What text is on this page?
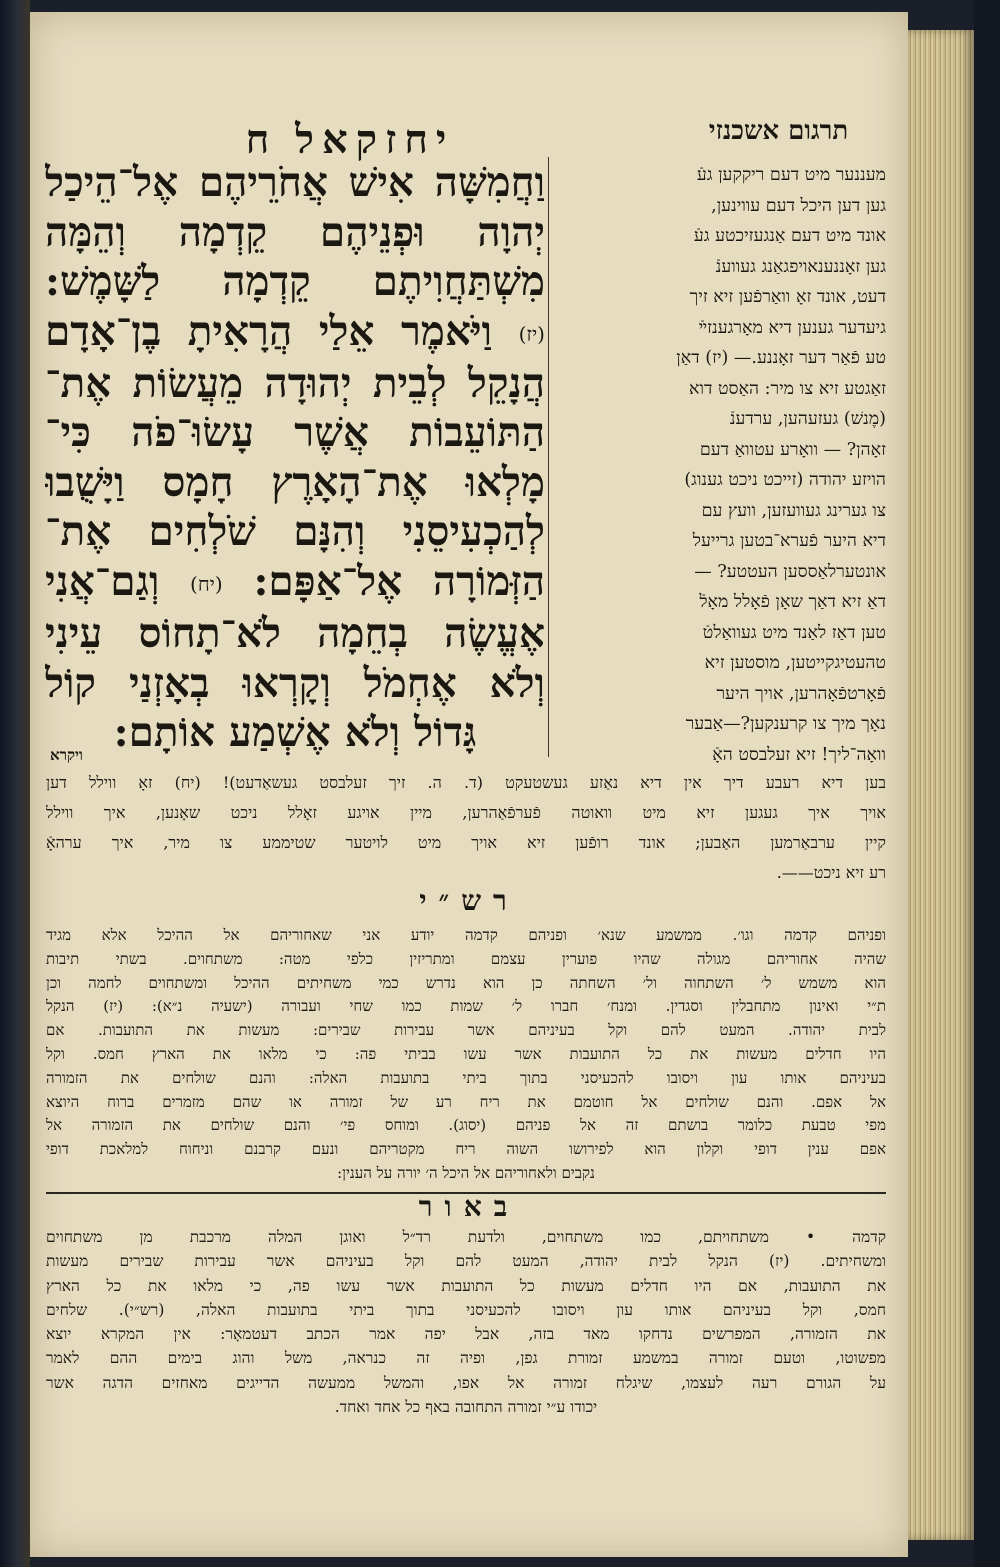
תרגום אשכנזי
יחזקאלח
מעננער מיט דעם ריקקען געֿ
גען דען היכל דעם עווינען,
אונד מיט דעם אַנגעזיכטע געֿ
גען זאָננענאויפגאַנג געווענֿ
דעט, אונד זאָ וואַרפֿען זיא זיך
גיעדער גענען דיא מאָרגענזײֿ
טע פֿאַר דער זאָננע.— (יז) דאַן
זאַגטע זיא צו מיר: האַסט דוא
(מֶנשׁ) געזעהען, ערדענֿ
זאָהן? — וואָרע עטוואַ דעם
הויזע יהודה (זייכט ניכט גענוג)
צו גערינג געוועזען, וועץ עם
דיא היער פֿערא־בטען גרייעל
אונטערלאַססען העטטע? —
דאַ זיא דאַך שאָן פֿאָלל מאָלֿ
טען דאַז לאַנד מיט געוואַלטֿ
טהעטיגקייטען, מוסטען זיא
פֿאָרטפֿאָהרען, אויך היער
נאָך מיך צו קרענקען?—אַבער
וואָה־ליך! זיא זעלבסט האָֿ
וַחֲמִשָּׁה אִישׁ אֲחֹרֵיהֶם אֶל־הֵיכַל
יְהוָה וּפְנֵיהֶם קֵדְמָה וְהֵמָּה
מִשְׁתַּחֲוִיתֶם קֵדְמָה לַשָּׁמֶשׁ:
(יז) וַיֹּאמֶר אֵלַי הֲרָאִיתָ בֶן־אָדָם
הֲנָקֵל לְבֵית יְהוּדָה מֵעֲשׂוֹת אֶת־
הַתּוֹעֵבוֹת אֲשֶׁר עָשׂוּ־פֹה כִּי־
מָלְאוּ אֶת־הָאָרֶץ חָמָס וַיָּשֻׁבוּ
לְהַכְעִיסֵנִי וְהִנָּם שֹׁלְחִים אֶת־
הַזְּמוֹרָה אֶל־אַפָּם: (יח) וְגַם־אֲנִי
אֶעֱשֶׂה בְחֵמָה לֹא־תָחוֹס עֵינִי
וְלֹא אֶחְמֹל וְקָרְאוּ בְאָזְנַי קוֹל
גָּדוֹל וְלֹא אֶשְׁמַע אוֹתָם:
ויקרא
בען דיא רעבע דיך אין דיא נאַזע געשטעקט (ד. ה. זיך זעלבסט געשאַדעט)! (יח) זאָ ווילל דען
אויך איך געגען זיא מיט וואוטה פֿערפֿאַהרען, מיין אויגע זאָלל ניכט שאָנען, איך ווילל
קיין ערבאַרמען האַבען; אונד רופֿען זיא אויך מיט לויטער שטיממע צו מיר, איך ערהאָֿ
רע זיא ניכט——.
רש״י
ופניהם קדמה וגו׳. ממשמע שנא׳ ופניהם קדמה יודע אני שאחוריהם אל ההיכל אלא מגיד
שהיה אחוריהם מגולה שהיו פוערין עצמם ומתריזין כלפי מטה: משתחוים. בשתי תיבות
הוא משמש ל׳ השתחוה ול׳ השחתה כן הוא נדרש כמי משחיתים ההיכל ומשתחוים לחמה וכן
ת״י ואינון מתחבלין וסגדין. ומנח׳ חברו ל׳ שמות כמו שחי ועבורה (ישעיה נ״א): (יז) הנקל
לבית יהודה. המעט להם וקל בעיניהם אשר עבירות שבירים: מעשות את התועבות. אם
היו חדלים מעשות את כל התועבות אשר עשו בביתי פה: כי מלאו את הארץ חמס. וקל
בעיניהם אותו עון ויסובו להכעיסני בתוך ביתי בתועבות האלה: והנם שולחים את הזמורה
אל אפם. והנם שולחים אל חוטמם את ריח רע של זמורה או שהם מזמרים ברוח היוצא
מפי טבעת כלומר בושתם זה אל פניהם (יסוג). ומוחס פי׳ והנם שולחים את הזמורה אל
אפם ענין דופי וקלון הוא לפירושו השוה ריח מקטריהם ונעם קרבנם וניחוח למלאכת דופי
נקבים ולאחוריהם אל היכל ה׳ יורה על הענין:
באור
קדמה • משתחויתם, כמו משתחוים, ולדעת רד״ל ואוגן המלה מרכבת מן משתחוים
ומשחיתים. (יז) הנקל לבית יהודה, המעט להם וקל בעיניהם אשר עבירות שבירים מעשות
את התועבות, אם היו חדלים מעשות כל התועבות אשר עשו פה, כי מלאו את כל הארץ
חמס, וקל בעיניהם אותו עון ויסובו להכעיסני בתוך ביתי בתועבות האלה, (רש״י). שלחים
את הזמורה, המפרשים נדחקו מאד בזה, אבל יפה אמר הכתב דעטמאָר: אין המקרא יוצא
מפשוטו, וטעם זמורה במשמע זמורת גפן, ופיה זה כנראה, משל והוג בימים ההם לאמר
על הגורם רעה לעצמו, שיגלח זמורה אל אפו, והמשל ממעשה הדייגים מאחזים הדגה אשר
יכודו ע״י זמורה התחובה באף כל אחד ואחד.
